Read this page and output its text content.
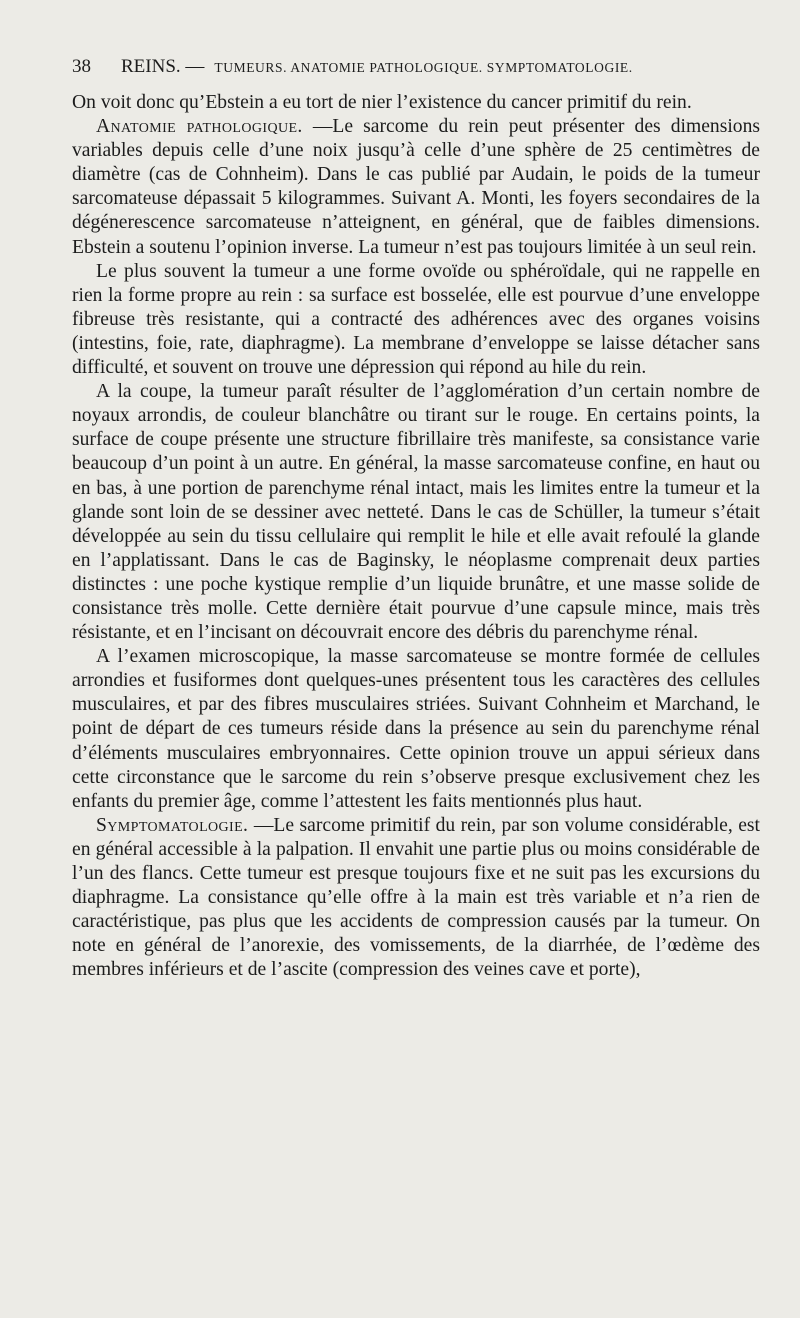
38 REINS. — TUMEURS. ANATOMIE PATHOLOGIQUE. SYMPTOMATOLOGIE.

On voit donc qu’Ebstein a eu tort de nier l’existence du cancer primitif du rein.

Anatomie pathologique. —Le sarcome du rein peut présenter des dimensions variables depuis celle d’une noix jusqu’à celle d’une sphère de 25 centimètres de diamètre (cas de Cohnheim). Dans le cas publié par Audain, le poids de la tumeur sarcomateuse dépassait 5 kilogrammes. Suivant A. Monti, les foyers secondaires de la dégénerescence sarcomateuse n’atteignent, en général, que de faibles dimensions. Ebstein a soutenu l’opinion inverse. La tumeur n’est pas toujours limitée à un seul rein.

Le plus souvent la tumeur a une forme ovoïde ou sphéroïdale, qui ne rappelle en rien la forme propre au rein : sa surface est bosselée, elle est pourvue d’une enveloppe fibreuse très resistante, qui a contracté des adhérences avec des organes voisins (intestins, foie, rate, diaphragme). La membrane d’enveloppe se laisse détacher sans difficulté, et souvent on trouve une dépression qui répond au hile du rein.

A la coupe, la tumeur paraît résulter de l’agglomération d’un certain nombre de noyaux arrondis, de couleur blanchâtre ou tirant sur le rouge. En certains points, la surface de coupe présente une structure fibrillaire très manifeste, sa consistance varie beaucoup d’un point à un autre. En général, la masse sarcomateuse confine, en haut ou en bas, à une portion de parenchyme rénal intact, mais les limites entre la tumeur et la glande sont loin de se dessiner avec netteté. Dans le cas de Schüller, la tumeur s’était développée au sein du tissu cellulaire qui remplit le hile et elle avait refoulé la glande en l’applatissant. Dans le cas de Baginsky, le néoplasme comprenait deux parties distinctes : une poche kystique remplie d’un liquide brunâtre, et une masse solide de consistance très molle. Cette dernière était pourvue d’une capsule mince, mais très résistante, et en l’incisant on découvrait encore des débris du parenchyme rénal.

A l’examen microscopique, la masse sarcomateuse se montre formée de cellules arrondies et fusiformes dont quelques-unes présentent tous les caractères des cellules musculaires, et par des fibres musculaires striées. Suivant Cohnheim et Marchand, le point de départ de ces tumeurs réside dans la présence au sein du parenchyme rénal d’éléments musculaires embryonnaires. Cette opinion trouve un appui sérieux dans cette circonstance que le sarcome du rein s’observe presque exclusivement chez les enfants du premier âge, comme l’attestent les faits mentionnés plus haut.

Symptomatologie. —Le sarcome primitif du rein, par son volume considérable, est en général accessible à la palpation. Il envahit une partie plus ou moins considérable de l’un des flancs. Cette tumeur est presque toujours fixe et ne suit pas les excursions du diaphragme. La consistance qu’elle offre à la main est très variable et n’a rien de caractéristique, pas plus que les accidents de compression causés par la tumeur. On note en général de l’anorexie, des vomissements, de la diarrhée, de l’œdème des membres inférieurs et de l’ascite (compression des veines cave et porte),
